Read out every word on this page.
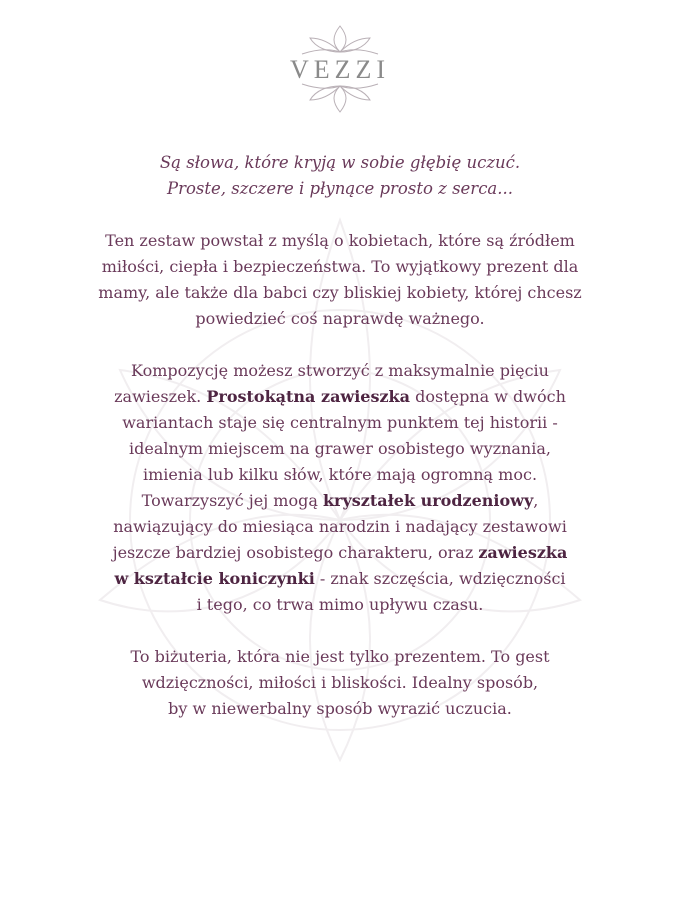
VEZZI
Są słowa, które kryją w sobie głębię uczuć.
Proste, szczere i płynące prosto z serca...

Ten zestaw powstał z myślą o kobietach, które są źródłem
miłości, ciepła i bezpieczeństwa. To wyjątkowy prezent dla
mamy, ale także dla babci czy bliskiej kobiety, której chcesz
powiedzieć coś naprawdę ważnego.

Kompozycję możesz stworzyć z maksymalnie pięciu
zawieszek. Prostokątna zawieszka dostępna w dwóch
wariantach staje się centralnym punktem tej historii -
idealnym miejscem na grawer osobistego wyznania,
imienia lub kilku słów, które mają ogromną moc.
Towarzyszyć jej mogą kryształek urodzeniowy,
nawiązujący do miesiąca narodzin i nadający zestawowi
jeszcze bardziej osobistego charakteru, oraz zawieszka
w kształcie koniczynki - znak szczęścia, wdzięczności
i tego, co trwa mimo upływu czasu.

To biżuteria, która nie jest tylko prezentem. To gest
wdzięczności, miłości i bliskości. Idealny sposób,
by w niewerbalny sposób wyrazić uczucia.
